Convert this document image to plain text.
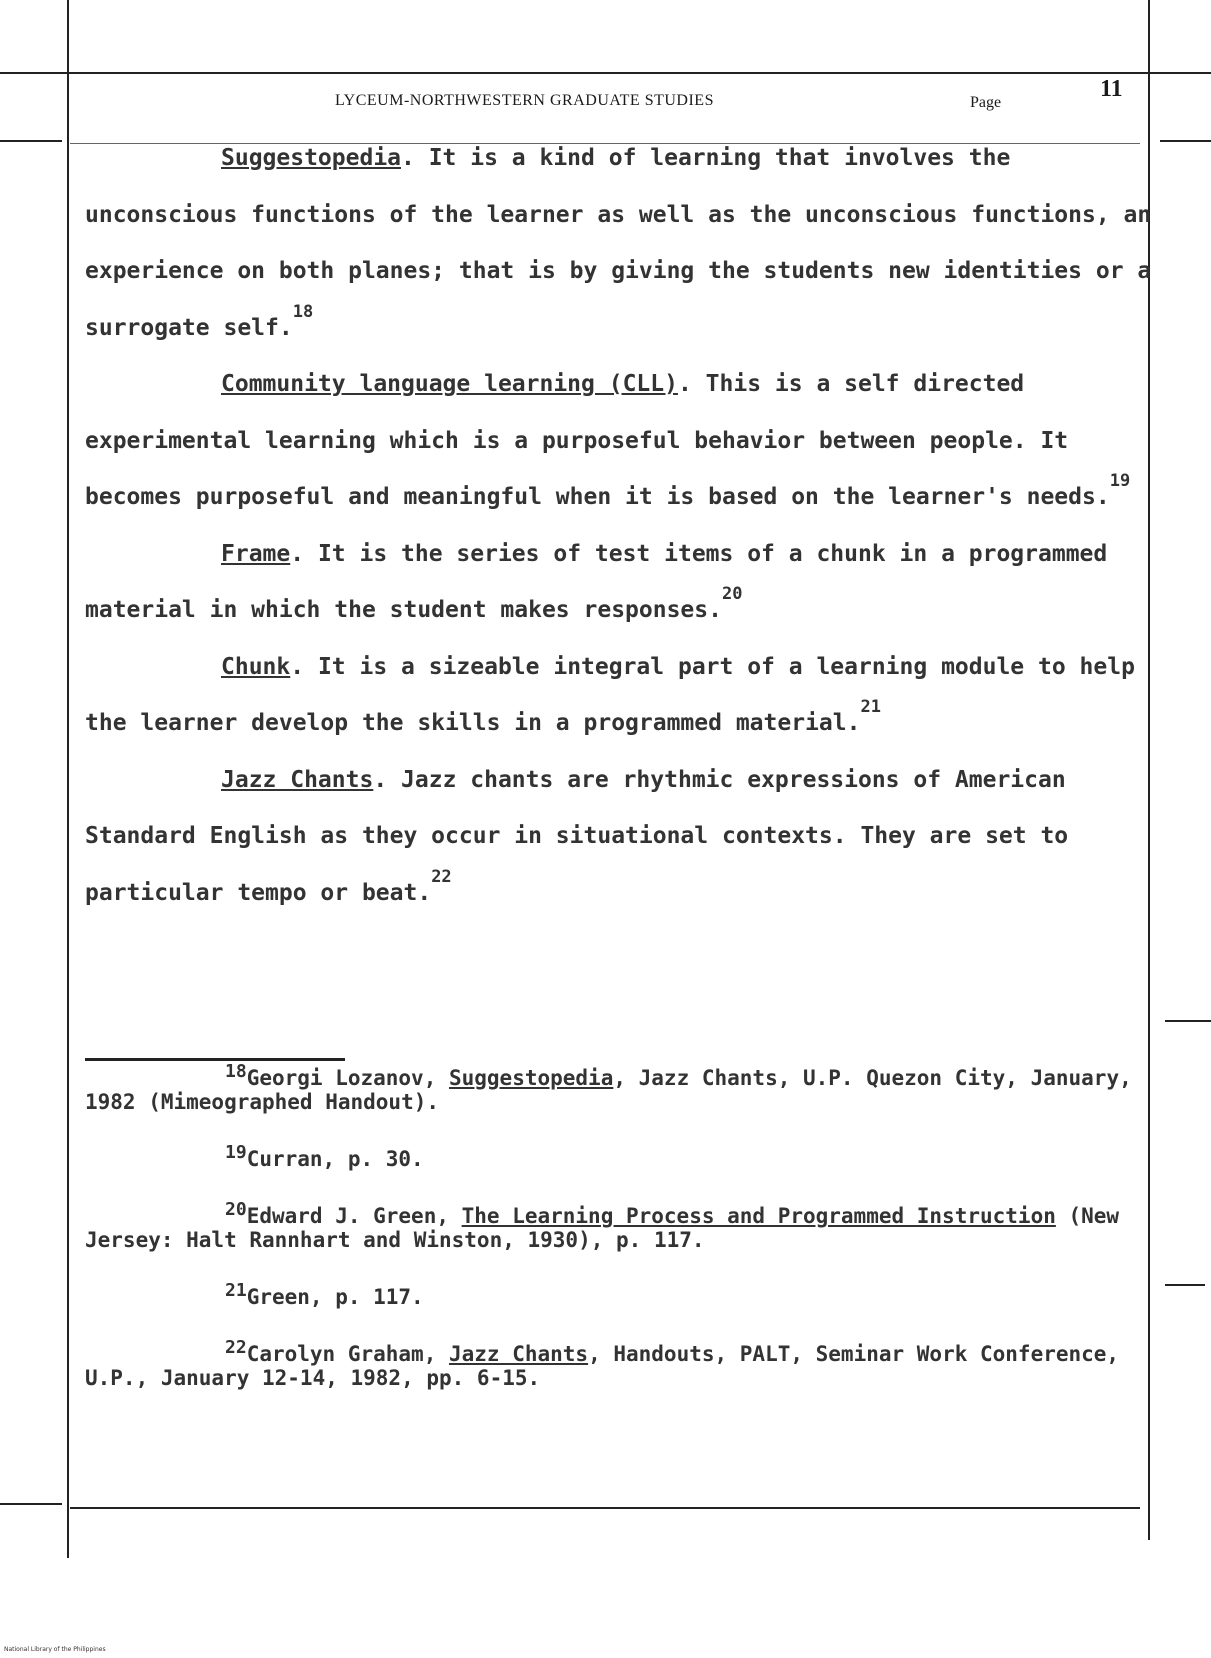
LYCEUM-NORTHWESTERN GRADUATE STUDIES	Page
11

Suggestopedia. It is a kind of learning that involves the unconscious functions of the learner as well as the unconscious functions, an experience on both planes; that is by giving the students new identities or a surrogate self.$^{18}$

Community language learning (CLL). This is a self directed experimental learning which is a purposeful behavior between people. It becomes purposeful and meaningful when it is based on the learner's needs.$^{19}$

Frame. It is the series of test items of a chunk in a programmed material in which the student makes responses.$^{20}$

Chunk. It is a sizeable integral part of a learning module to help the learner develop the skills in a programmed material.$^{21}$

Jazz Chants. Jazz chants are rhythmic expressions of American Standard English as they occur in situational contexts. They are set to particular tempo or beat.$^{22}$

$^{18}$Georgi Lozanov, Suggestopedia, Jazz Chants, U.P. Quezon City, January, 1982 (Mimeographed Handout).

$^{19}$Curran, p. 30.

$^{20}$Edward J. Green, The Learning Process and Programmed Instruction (New Jersey: Halt Rannhart and Winston, 1930), p. 117.

$^{21}$Green, p. 117.

$^{22}$Carolyn Graham, Jazz Chants, Handouts, PALT, Seminar Work Conference, U.P., January 12-14, 1982, pp. 6-15.

National Library of the Philippines
